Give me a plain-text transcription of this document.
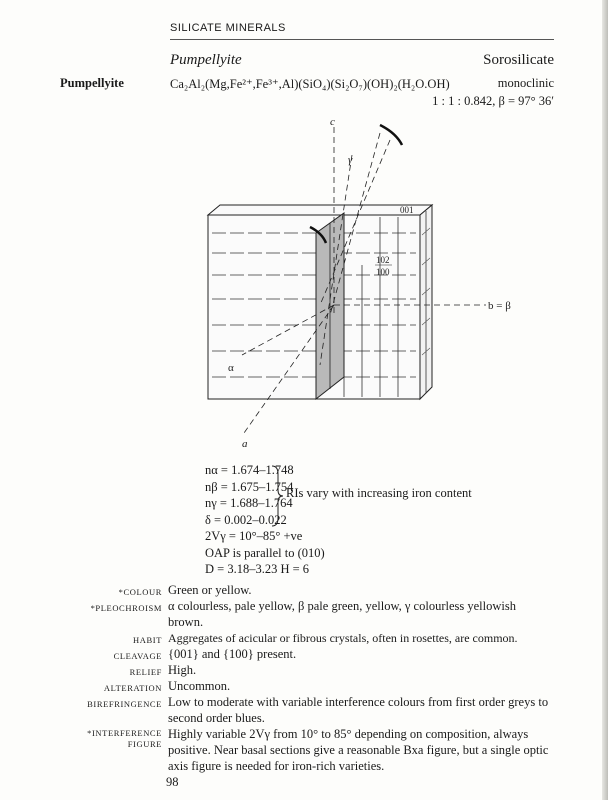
SILICATE MINERALS
Pumpellyite	Sorosilicate
Pumpellyite	Ca₂Al₂(Mg,Fe²⁺,Fe³⁺,Al)(SiO₄)(Si₂O₇)(OH)₂(H₂O.OH)	monoclinic
1 : 1 : 0.842, β = 97° 36′
c
γ
b = β
α
a
001
102
100
nα = 1.674–1.748
nβ = 1.675–1.754
nγ = 1.688–1.764
δ = 0.002–0.022
2Vγ = 10°–85° +ve
OAP is parallel to (010)
D = 3.18–3.23 H = 6
RIs vary with increasing iron content
*COLOUR Green or yellow.
*PLEOCHROISM α colourless, pale yellow, β pale green, yellow, γ colourless yellowish brown.
HABIT Aggregates of acicular or fibrous crystals, often in rosettes, are common.
CLEAVAGE {001} and {100} present.
RELIEF High.
ALTERATION Uncommon.
BIREFRINGENCE Low to moderate with variable interference colours from first order greys to second order blues.
*INTERFERENCE FIGURE
Highly variable 2Vγ from 10° to 85° depending on composition, always positive. Near basal sections give a reasonable Bxa figure, but a single optic axis figure is needed for iron-rich varieties.
98
